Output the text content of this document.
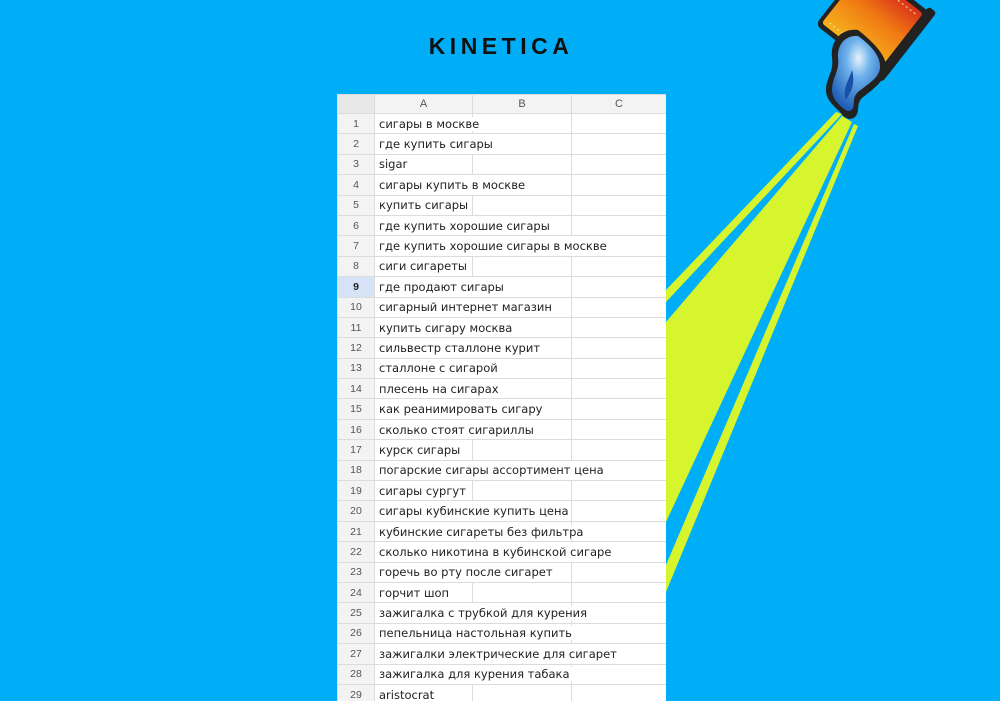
KINETICA
	A	B	C
1	сигары в москве		
2	где купить сигары		
3	sigar		
4	сигары купить в москве		
5	купить сигары		
6	где купить хорошие сигары		
7	где купить хорошие сигары в москве		
8	сиги сигареты		
9	где продают сигары		
10	сигарный интернет магазин		
11	купить сигару москва		
12	сильвестр сталлоне курит		
13	сталлоне с сигарой		
14	плесень на сигарах		
15	как реанимировать сигару		
16	сколько стоят сигариллы		
17	курск сигары		
18	погарские сигары ассортимент цена		
19	сигары сургут		
20	сигары кубинские купить цена		
21	кубинские сигареты без фильтра		
22	сколько никотина в кубинской сигаре		
23	горечь во рту после сигарет		
24	горчит шоп		
25	зажигалка с трубкой для курения		
26	пепельница настольная купить		
27	зажигалки электрические для сигарет		
28	зажигалка для курения табака		
29	aristocrat		
